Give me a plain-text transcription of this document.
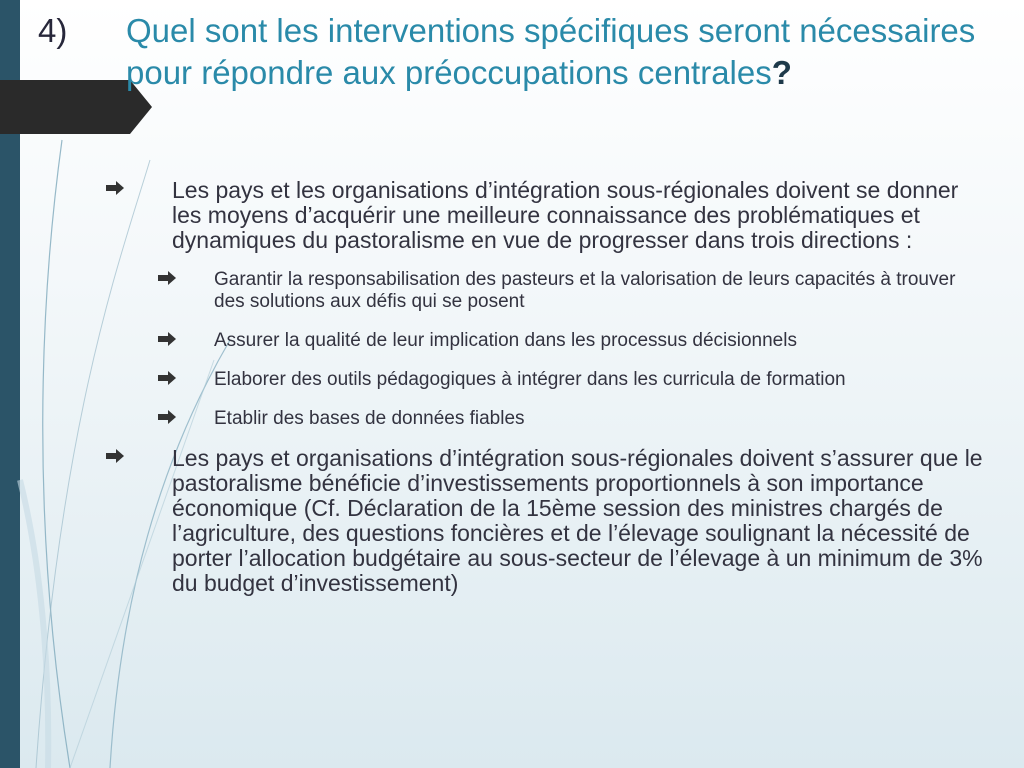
4) Quel sont les interventions spécifiques seront nécessaires pour répondre aux préoccupations centrales?
Les pays et les organisations d’intégration sous-régionales doivent se donner les moyens d’acquérir une meilleure connaissance des problématiques et dynamiques du pastoralisme en vue de progresser dans trois directions :
Garantir la responsabilisation des pasteurs et la valorisation de leurs capacités à trouver des solutions aux défis qui se posent
Assurer la qualité de leur implication dans les processus décisionnels
Elaborer des outils pédagogiques à intégrer dans les curricula de formation
Etablir des bases de données fiables
Les pays et organisations d’intégration sous-régionales doivent s’assurer que le pastoralisme bénéficie d’investissements proportionnels à son importance économique (Cf. Déclaration de la 15ème session des ministres chargés de l’agriculture, des questions foncières et de l’élevage soulignant la nécessité de porter l’allocation budgétaire au sous-secteur de l’élevage à un minimum de 3% du budget d’investissement)
